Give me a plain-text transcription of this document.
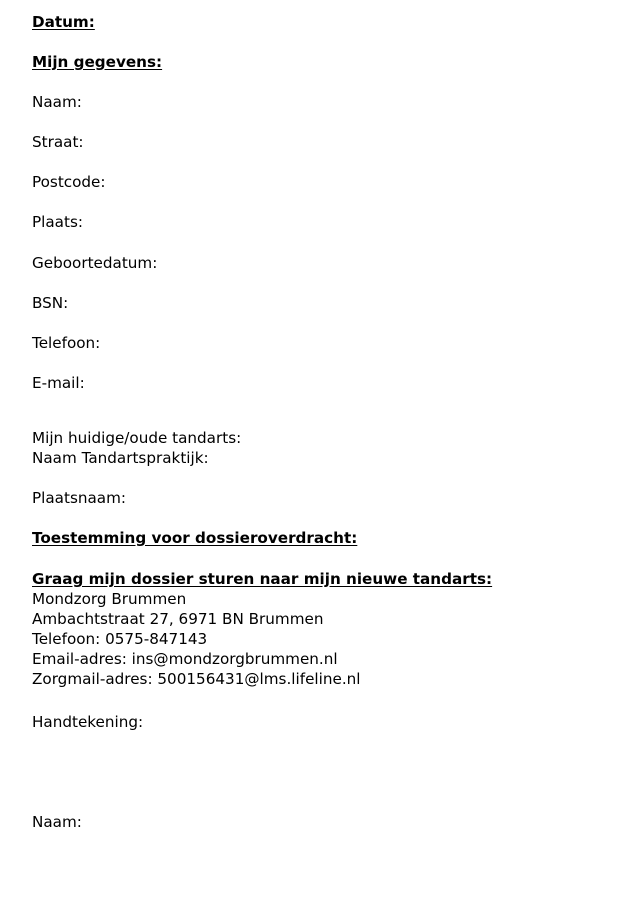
Datum:
Mijn gegevens:
Naam:
Straat:
Postcode:
Plaats:
Geboortedatum:
BSN:
Telefoon:
E-mail:
Mijn huidige/oude tandarts:
Naam Tandartspraktijk:
Plaatsnaam:
Toestemming voor dossieroverdracht:
Graag mijn dossier sturen naar mijn nieuwe tandarts:
Mondzorg Brummen
Ambachtstraat 27, 6971 BN Brummen
Telefoon: 0575-847143
Email-adres: ins@mondzorgbrummen.nl
Zorgmail-adres: 500156431@lms.lifeline.nl
Handtekening:
Naam:
